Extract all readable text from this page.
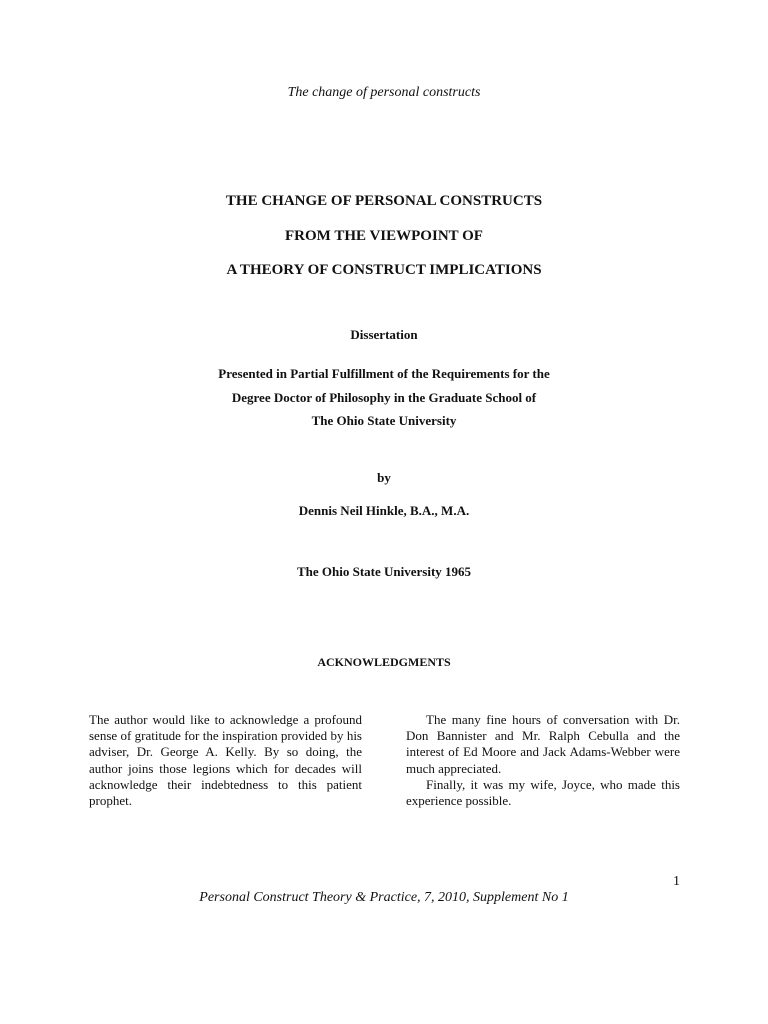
The change of personal constructs
THE CHANGE OF PERSONAL CONSTRUCTS
FROM THE VIEWPOINT OF
A THEORY OF CONSTRUCT IMPLICATIONS
Dissertation
Presented in Partial Fulfillment of the Requirements for the
Degree Doctor of Philosophy in the Graduate School of
The Ohio State University
by
Dennis Neil Hinkle, B.A., M.A.
The Ohio State University 1965
ACKNOWLEDGMENTS

The author would like to acknowledge a profound sense of gratitude for the inspiration provided by his adviser, Dr. George A. Kelly. By so doing, the author joins those legions which for decades will acknowledge their indebtedness to this patient prophet.

The many fine hours of conversation with Dr. Don Bannister and Mr. Ralph Cebulla and the interest of Ed Moore and Jack Adams-Webber were much appreciated.

Finally, it was my wife, Joyce, who made this experience possible.

1
Personal Construct Theory & Practice, 7, 2010, Supplement No 1
